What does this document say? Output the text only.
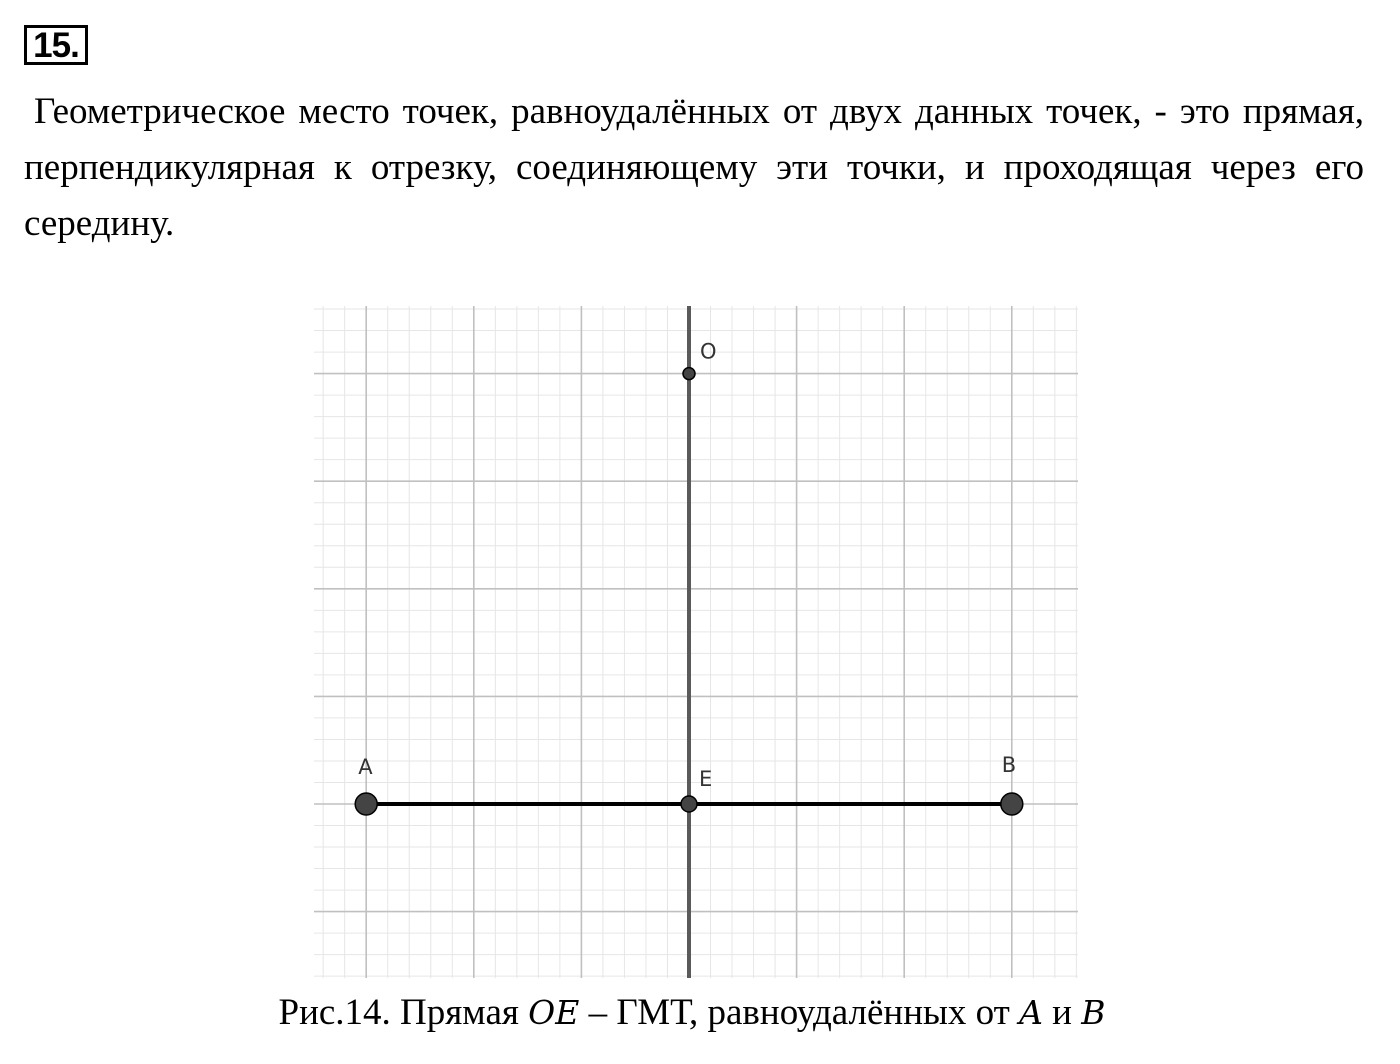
15.
Геометрическое место точек, равноудалённых от двух данных точек, - это прямая, перпендикулярная к отрезку, соединяющему эти точки, и проходящая через его середину.
O
E
A	B
Рис.14. Прямая OE – ГМТ, равноудалённых от A и B
